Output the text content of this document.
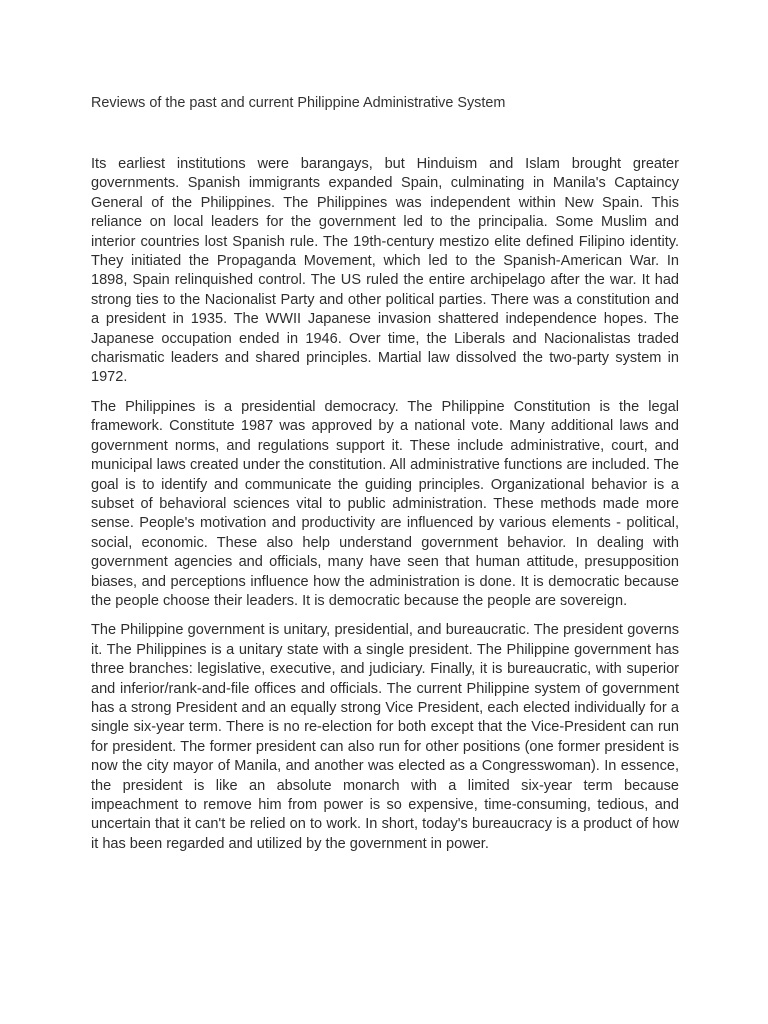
Reviews of the past and current Philippine Administrative System

Its earliest institutions were barangays, but Hinduism and Islam brought greater governments. Spanish immigrants expanded Spain, culminating in Manila's Captaincy General of the Philippines. The Philippines was independent within New Spain. This reliance on local leaders for the government led to the principalia. Some Muslim and interior countries lost Spanish rule. The 19th-century mestizo elite defined Filipino identity. They initiated the Propaganda Movement, which led to the Spanish-American War. In 1898, Spain relinquished control. The US ruled the entire archipelago after the war. It had strong ties to the Nacionalist Party and other political parties. There was a constitution and a president in 1935. The WWII Japanese invasion shattered independence hopes. The Japanese occupation ended in 1946. Over time, the Liberals and Nacionalistas traded charismatic leaders and shared principles. Martial law dissolved the two-party system in 1972.

The Philippines is a presidential democracy. The Philippine Constitution is the legal framework. Constitute 1987 was approved by a national vote. Many additional laws and government norms, and regulations support it. These include administrative, court, and municipal laws created under the constitution. All administrative functions are included. The goal is to identify and communicate the guiding principles. Organizational behavior is a subset of behavioral sciences vital to public administration. These methods made more sense. People's motivation and productivity are influenced by various elements - political, social, economic. These also help understand government behavior. In dealing with government agencies and officials, many have seen that human attitude, presupposition biases, and perceptions influence how the administration is done. It is democratic because the people choose their leaders. It is democratic because the people are sovereign.

The Philippine government is unitary, presidential, and bureaucratic. The president governs it. The Philippines is a unitary state with a single president. The Philippine government has three branches: legislative, executive, and judiciary. Finally, it is bureaucratic, with superior and inferior/rank-and-file offices and officials. The current Philippine system of government has a strong President and an equally strong Vice President, each elected individually for a single six-year term. There is no re-election for both except that the Vice-President can run for president. The former president can also run for other positions (one former president is now the city mayor of Manila, and another was elected as a Congresswoman). In essence, the president is like an absolute monarch with a limited six-year term because impeachment to remove him from power is so expensive, time-consuming, tedious, and uncertain that it can't be relied on to work. In short, today's bureaucracy is a product of how it has been regarded and utilized by the government in power.
